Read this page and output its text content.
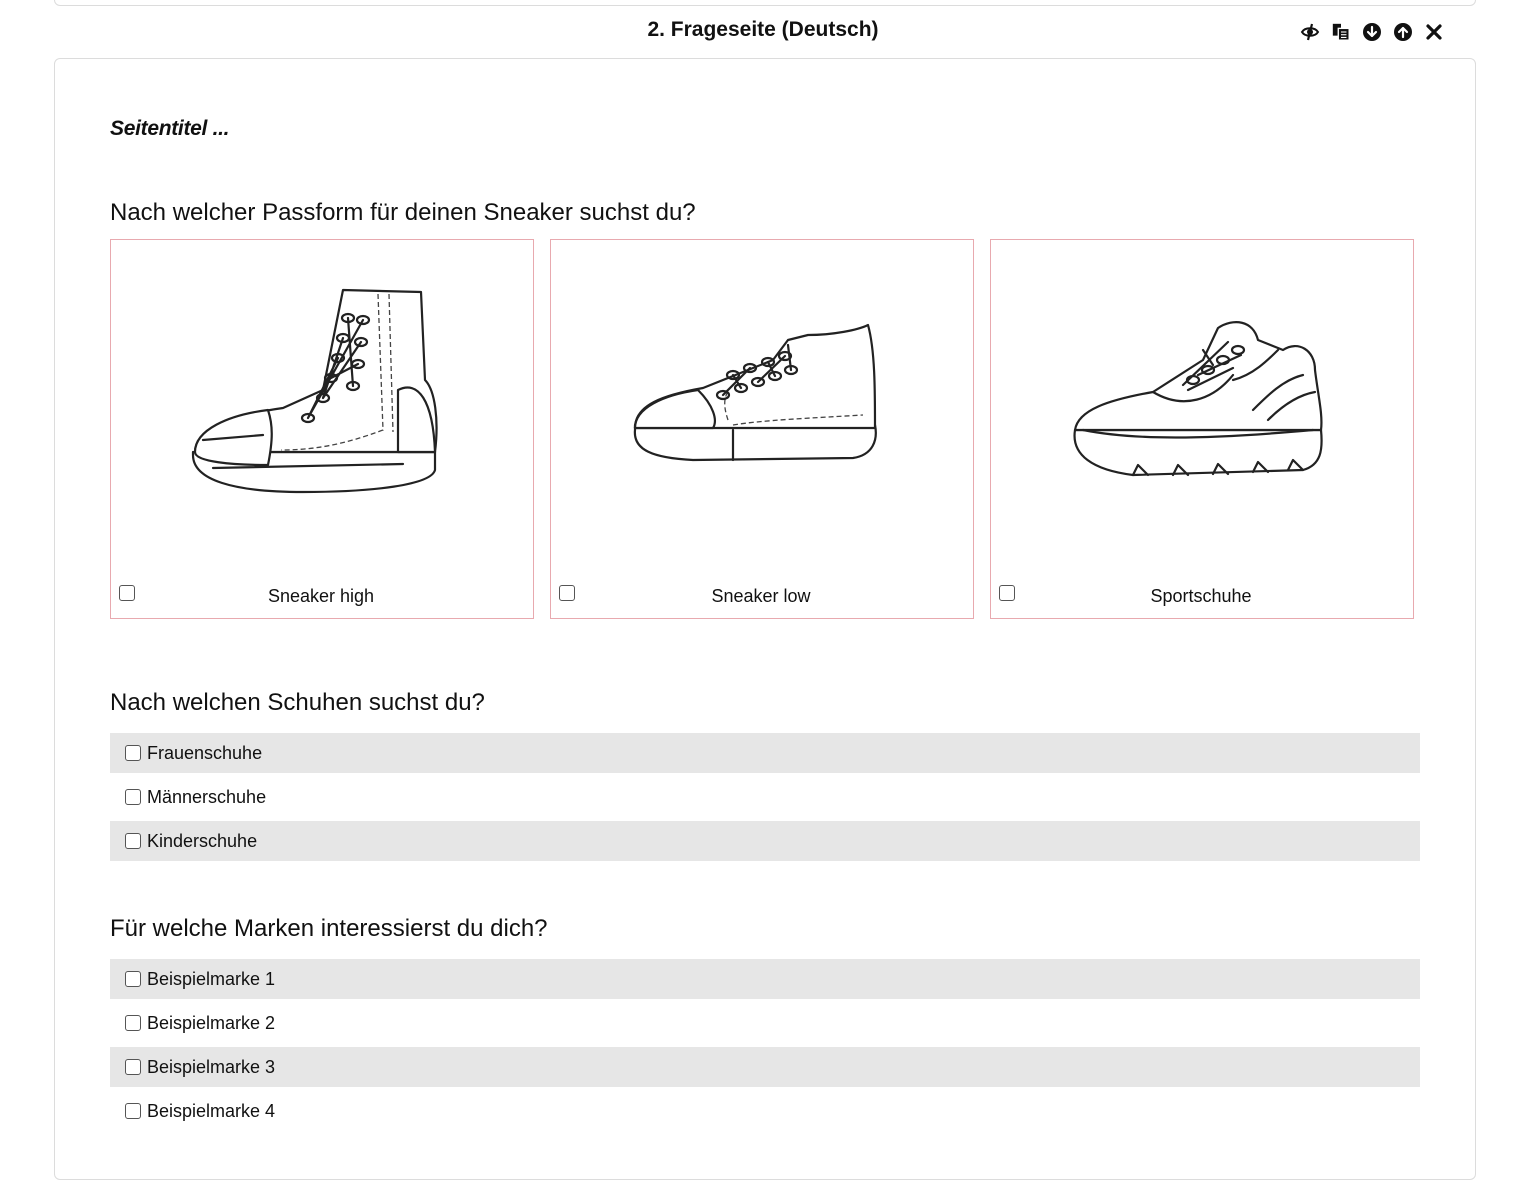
2. Frageseite (Deutsch)
Seitentitel ...
Nach welcher Passform für deinen Sneaker suchst du?
Sneaker high	Sneaker low	Sportschuhe
Nach welchen Schuhen suchst du?
Frauenschuhe
Männerschuhe
Kinderschuhe
Für welche Marken interessierst du dich?
Beispielmarke 1
Beispielmarke 2
Beispielmarke 3
Beispielmarke 4
